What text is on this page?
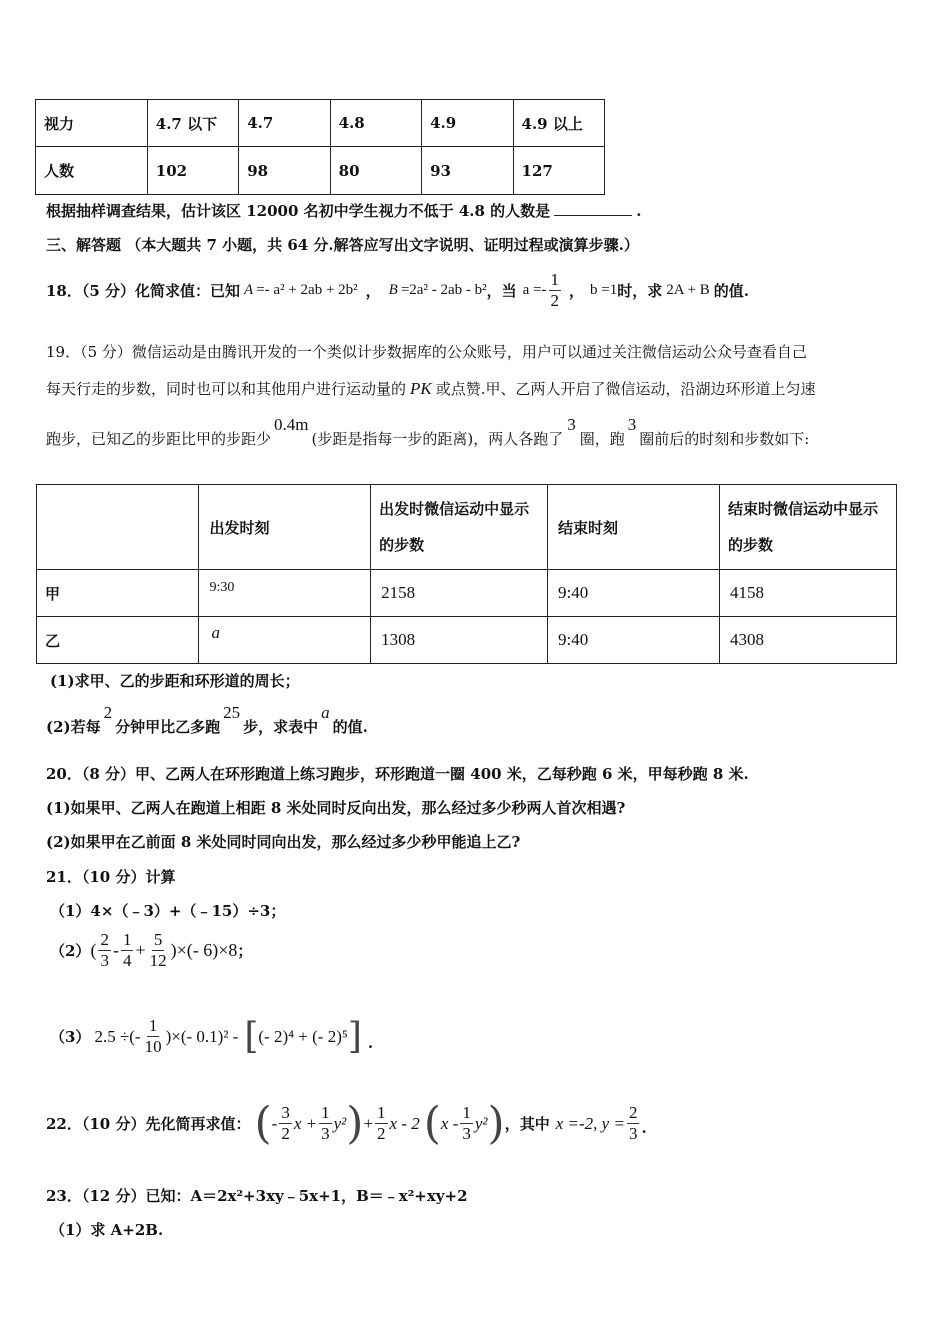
视力	4.7 以下	4.7	4.8	4.9	4.9 以上
人数	102	98	80	93	127
根据抽样调查结果，估计该区 12000 名初中学生视力不低于 4.8 的人数是	.
三、解答题 （本大题共 7 小题，共 64 分.解答应写出文字说明、证明过程或演算步骤.）
18．（5 分）化简求值：已知 A =- a² + 2ab + 2b² ， B =2a² - 2ab - b² ，当 $a =- \frac{1}{2}$ ， b =1 时，求 2A + B 的值.
19．（5 分）微信运动是由腾讯开发的一个类似计步数据库的公众账号，用户可以通过关注微信运动公众号查看自己
每天行走的步数，同时也可以和其他用户进行运动量的 PK 或点赞.甲、乙两人开启了微信运动，沿湖边环形道上匀速
跑步，已知乙的步距比甲的步距少0.4m(步距是指每一步的距离)，两人各跑了3圈，跑3圈前后的时刻和步数如下:
	出发时刻	出发时微信运动中显示的步数	结束时刻	结束时微信运动中显示的步数
甲	9:30	2158	9:40	4158
乙	a	1308	9:40	4308
(1)求甲、乙的步距和环形道的周长；
(2)若每2分钟甲比乙多跑25步，求表中a的值.
20．（8 分）甲、乙两人在环形跑道上练习跑步，环形跑道一圈 400 米，乙每秒跑 6 米，甲每秒跑 8 米.
(1)如果甲、乙两人在跑道上相距 8 米处同时反向出发，那么经过多少秒两人首次相遇?
(2)如果甲在乙前面 8 米处同时同向出发，那么经过多少秒甲能追上乙?
21．（10 分）计算
（1）4×（﹣3）+（﹣15）÷3；
（2） ( $\frac{2}{3} - \frac{1}{4} + \frac{5}{12}$ )×(- 6)×8 ；
（3） 2.5 ÷(- $\frac{1}{10}$ )×(- 0.1)² - [ (- 2)⁴ + (- 2)⁵ ] .
22．（10 分）先化简再求值： ( - $\frac{3}{2}$ $x + \frac{1}{3} y^2$ ) + $\frac{1}{2}$ x - 2 ( x - $\frac{1}{3} y^2$ ) ，其中 x =-2, $y = \frac{2}{3}$ .
23．（12 分）已知：A＝2x²+3xy﹣5x+1，B＝﹣x²+xy+2
（1）求 A+2B.
